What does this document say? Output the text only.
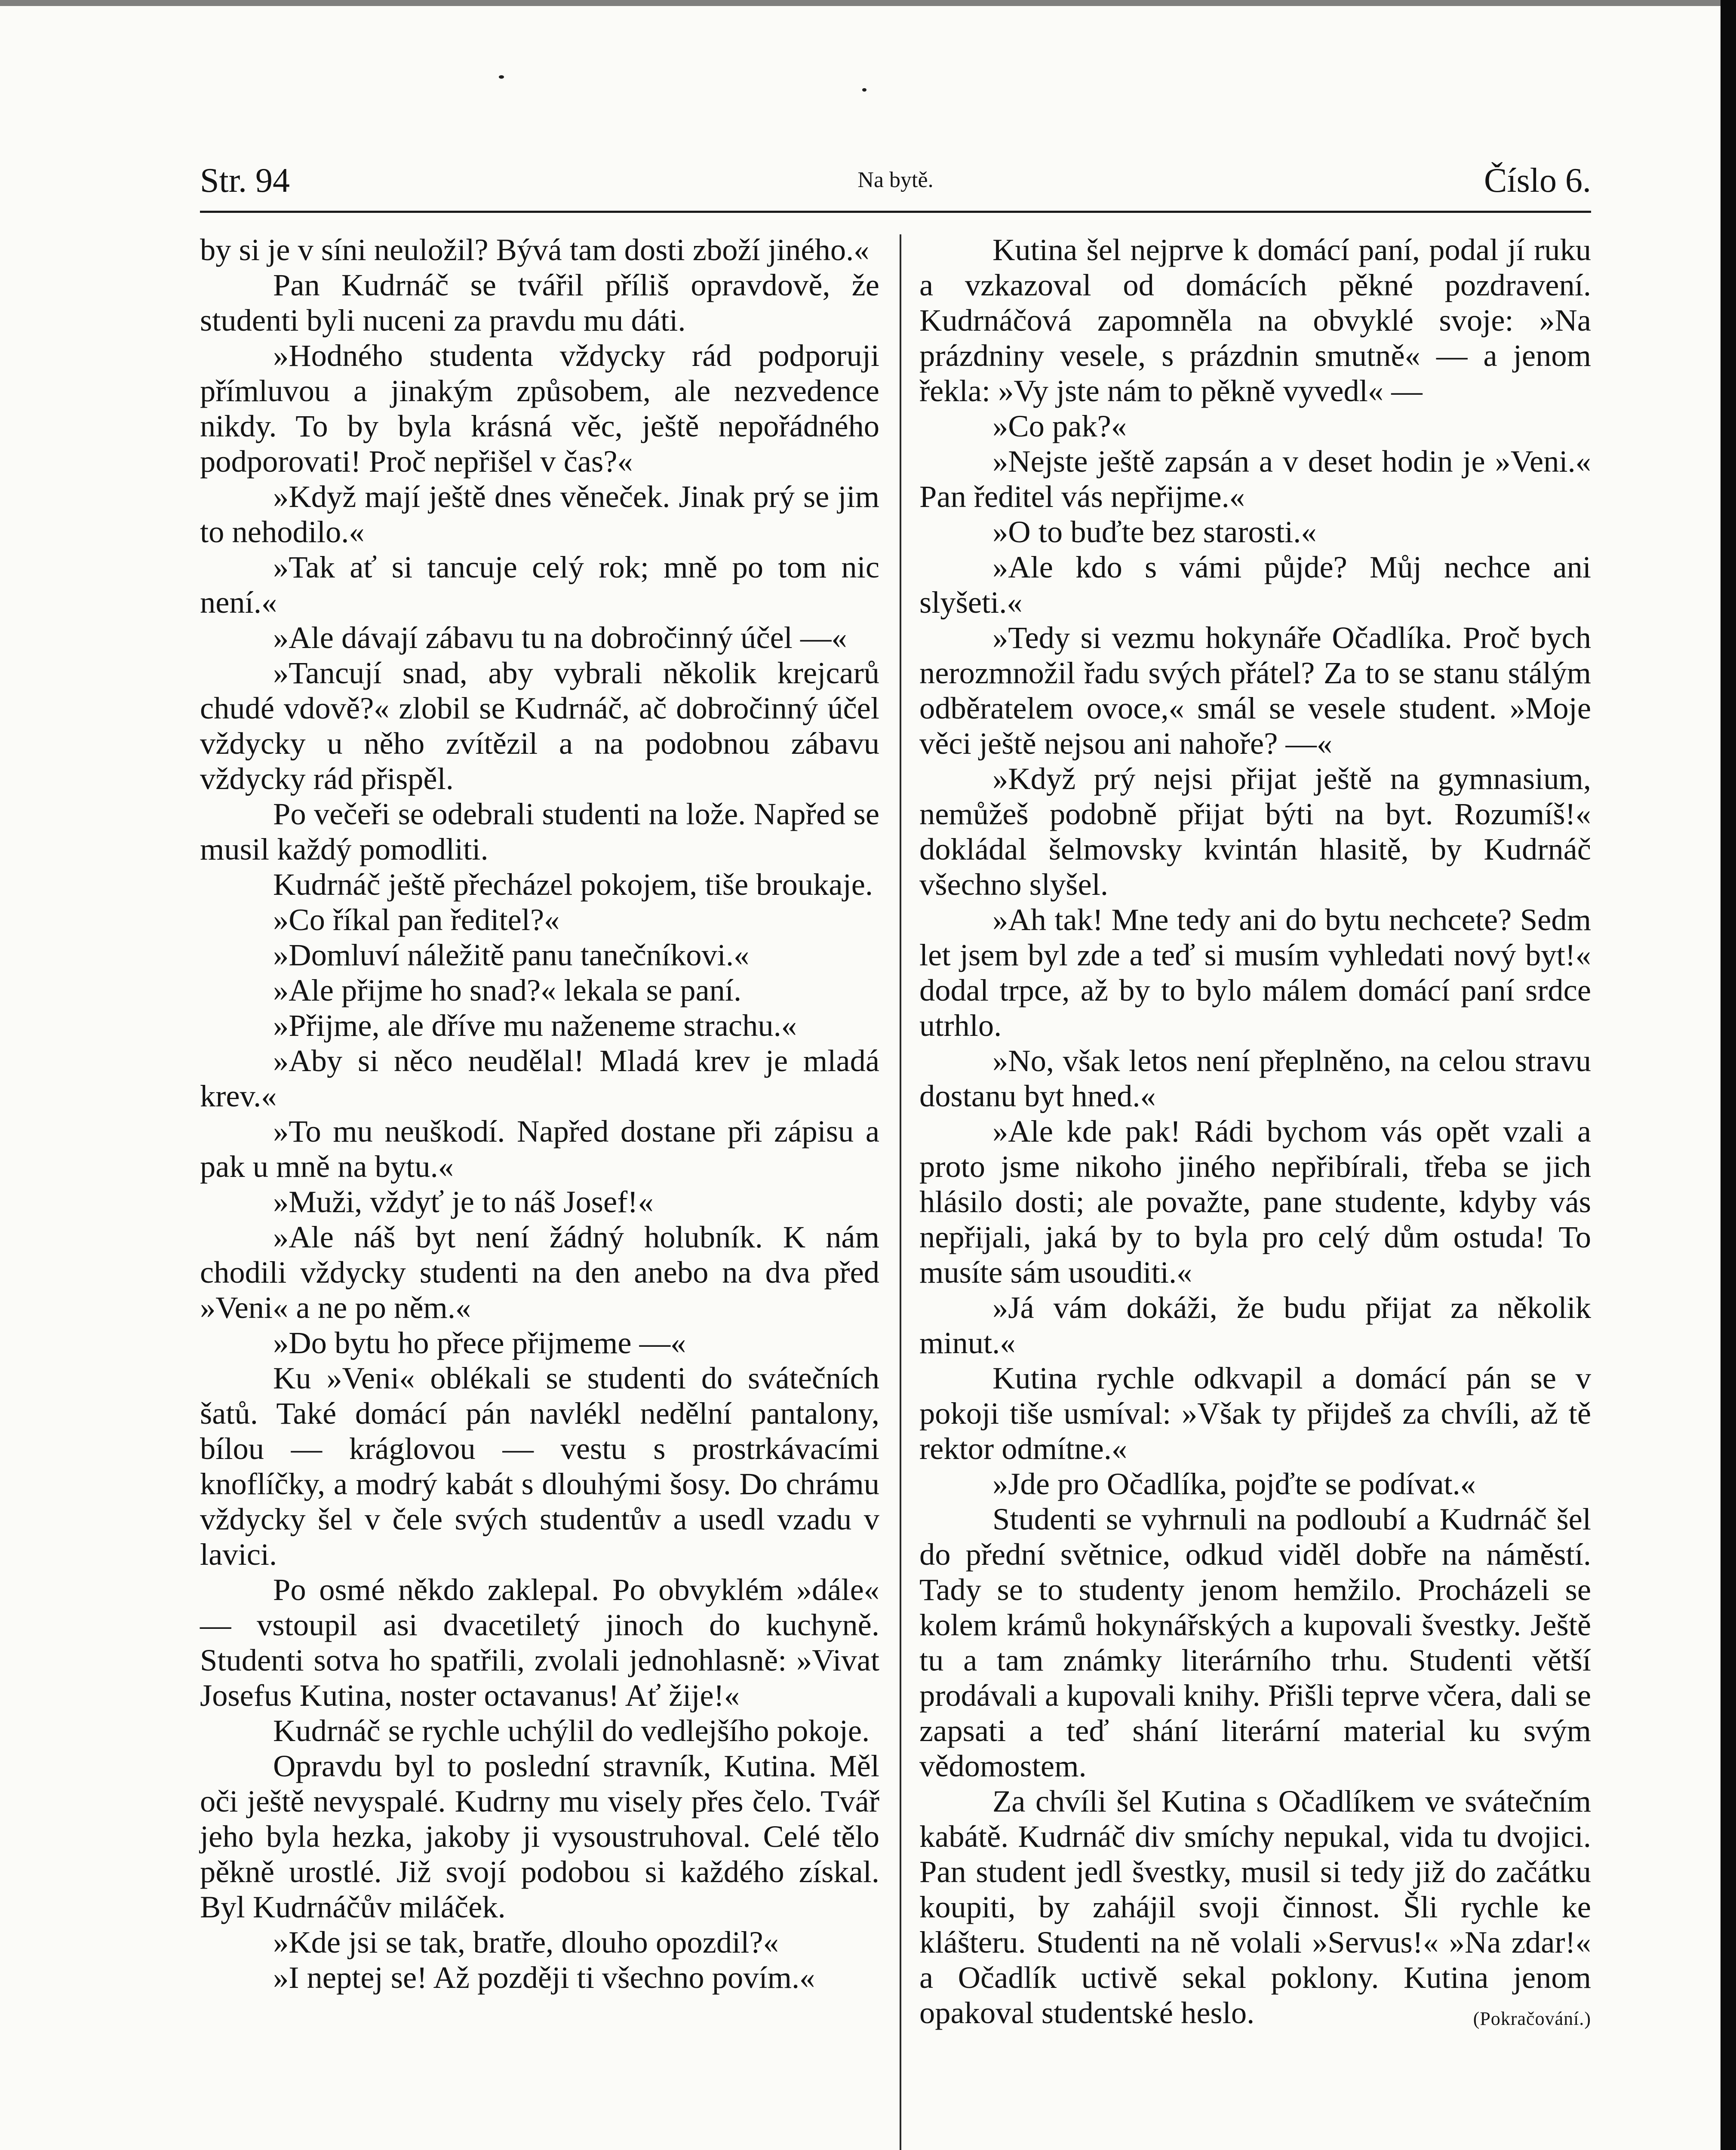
Str. 94	Na bytě.	Číslo 6.

by si je v síni neuložil? Bývá tam dosti zboží jiného.«

Pan Kudrnáč se tvářil příliš opravdově, že studenti byli nuceni za pravdu mu dáti.

»Hodného studenta vždycky rád podporuji přímluvou a jinakým způsobem, ale nezvedence nikdy. To by byla krásná věc, ještě nepořádného podporovati! Proč nepřišel v čas?«

»Když mají ještě dnes věneček. Jinak prý se jim to nehodilo.«

»Tak ať si tancuje celý rok; mně po tom nic není.«

»Ale dávají zábavu tu na dobročinný účel —«

»Tancují snad, aby vybrali několik krejcarů chudé vdově?« zlobil se Kudrnáč, ač dobročinný účel vždycky u něho zvítězil a na podobnou zábavu vždycky rád přispěl.

Po večeři se odebrali studenti na lože. Napřed se musil každý pomodliti.

Kudrnáč ještě přecházel pokojem, tiše broukaje.

»Co říkal pan ředitel?«

»Domluví náležitě panu tanečníkovi.«

»Ale přijme ho snad?« lekala se paní.

»Přijme, ale dříve mu naženeme strachu.«

»Aby si něco neudělal! Mladá krev je mladá krev.«

»To mu neuškodí. Napřed dostane při zápisu a pak u mně na bytu.«

»Muži, vždyť je to náš Josef!«

»Ale náš byt není žádný holubník. K nám chodili vždycky studenti na den anebo na dva před »Veni« a ne po něm.«

»Do bytu ho přece přijmeme —«

Ku »Veni« oblékali se studenti do svátečních šatů. Také domácí pán navlékl nedělní pantalony, bílou — kráglovou — vestu s prostrkávacími knoflíčky, a modrý kabát s dlouhými šosy. Do chrámu vždycky šel v čele svých studentův a usedl vzadu v lavici.

Po osmé někdo zaklepal. Po obvyklém »dále« — vstoupil asi dvacetiletý jinoch do kuchyně. Studenti sotva ho spatřili, zvolali jednohlasně: »Vivat Josefus Kutina, noster octavanus! Ať žije!«

Kudrnáč se rychle uchýlil do vedlejšího pokoje.

Opravdu byl to poslední stravník, Kutina. Měl oči ještě nevyspalé. Kudrny mu visely přes čelo. Tvář jeho byla hezka, jakoby ji vysoustruhoval. Celé tělo pěkně urostlé. Již svojí podobou si každého získal. Byl Kudrnáčův miláček.

»Kde jsi se tak, bratře, dlouho opozdil?«

»I neptej se! Až později ti všechno povím.«

Kutina šel nejprve k domácí paní, podal jí ruku a vzkazoval od domácích pěkné pozdravení. Kudrnáčová zapomněla na obvyklé svoje: »Na prázdniny vesele, s prázdnin smutně« — a jenom řekla: »Vy jste nám to pěkně vyvedl« —

»Co pak?«

»Nejste ještě zapsán a v deset hodin je »Veni.« Pan ředitel vás nepřijme.«

»O to buďte bez starosti.«

»Ale kdo s vámi půjde? Můj nechce ani slyšeti.«

»Tedy si vezmu hokynáře Očadlíka. Proč bych nerozmnožil řadu svých přátel? Za to se stanu stálým odběratelem ovoce,« smál se vesele student. »Moje věci ještě nejsou ani nahoře? —«

»Když prý nejsi přijat ještě na gymnasium, nemůžeš podobně přijat býti na byt. Rozumíš!« dokládal šelmovsky kvintán hlasitě, by Kudrnáč všechno slyšel.

»Ah tak! Mne tedy ani do bytu nechcete? Sedm let jsem byl zde a teď si musím vyhledati nový byt!« dodal trpce, až by to bylo málem domácí paní srdce utrhlo.

»No, však letos není přeplněno, na celou stravu dostanu byt hned.«

»Ale kde pak! Rádi bychom vás opět vzali a proto jsme nikoho jiného nepřibírali, třeba se jich hlásilo dosti; ale považte, pane studente, kdyby vás nepřijali, jaká by to byla pro celý dům ostuda! To musíte sám usouditi.«

»Já vám dokáži, že budu přijat za několik minut.«

Kutina rychle odkvapil a domácí pán se v pokoji tiše usmíval: »Však ty přijdeš za chvíli, až tě rektor odmítne.«

»Jde pro Očadlíka, pojďte se podívat.«

Studenti se vyhrnuli na podloubí a Kudrnáč šel do přední světnice, odkud viděl dobře na náměstí. Tady se to studenty jenom hemžilo. Procházeli se kolem krámů hokynářských a kupovali švestky. Ještě tu a tam známky literárního trhu. Studenti větší prodávali a kupovali knihy. Přišli teprve včera, dali se zapsati a teď shání literární material ku svým vědomostem.

Za chvíli šel Kutina s Očadlíkem ve svátečním kabátě. Kudrnáč div smíchy nepukal, vida tu dvojici. Pan student jedl švestky, musil si tedy již do začátku koupiti, by zahájil svoji činnost. Šli rychle ke klášteru. Studenti na ně volali »Servus!« »Na zdar!« a Očadlík uctivě sekal poklony. Kutina jenom opakoval studentské heslo.	(Pokračování.)
